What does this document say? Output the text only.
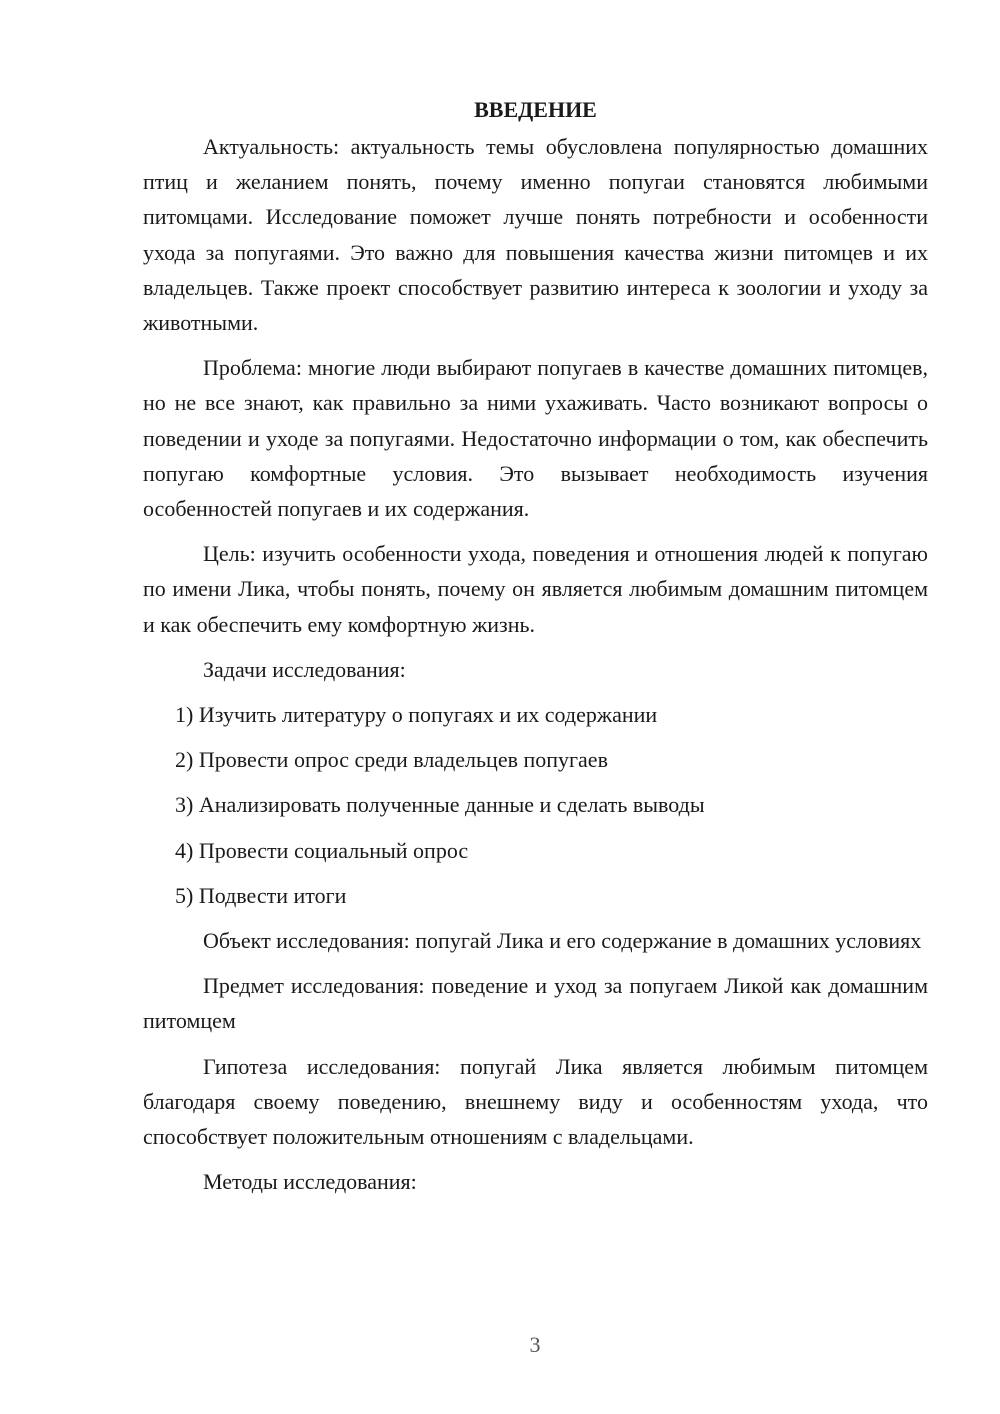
ВВЕДЕНИЕ

Актуальность: актуальность темы обусловлена популярностью домашних птиц и желанием понять, почему именно попугаи становятся любимыми питомцами. Исследование поможет лучше понять потребности и особенности ухода за попугаями. Это важно для повышения качества жизни питомцев и их владельцев. Также проект способствует развитию интереса к зоологии и уходу за животными.

Проблема: многие люди выбирают попугаев в качестве домашних питомцев, но не все знают, как правильно за ними ухаживать. Часто возникают вопросы о поведении и уходе за попугаями. Недостаточно информации о том, как обеспечить попугаю комфортные условия. Это вызывает необходимость изучения особенностей попугаев и их содержания.

Цель: изучить особенности ухода, поведения и отношения людей к попугаю по имени Лика, чтобы понять, почему он является любимым домашним питомцем и как обеспечить ему комфортную жизнь.

Задачи исследования:

1) Изучить литературу о попугаях и их содержании
2) Провести опрос среди владельцев попугаев
3) Анализировать полученные данные и сделать выводы
4) Провести социальный опрос
5) Подвести итоги

Объект исследования: попугай Лика и его содержание в домашних условиях

Предмет исследования: поведение и уход за попугаем Ликой как домашним питомцем

Гипотеза исследования: попугай Лика является любимым питомцем благодаря своему поведению, внешнему виду и особенностям ухода, что способствует положительным отношениям с владельцами.

Методы исследования:

3
